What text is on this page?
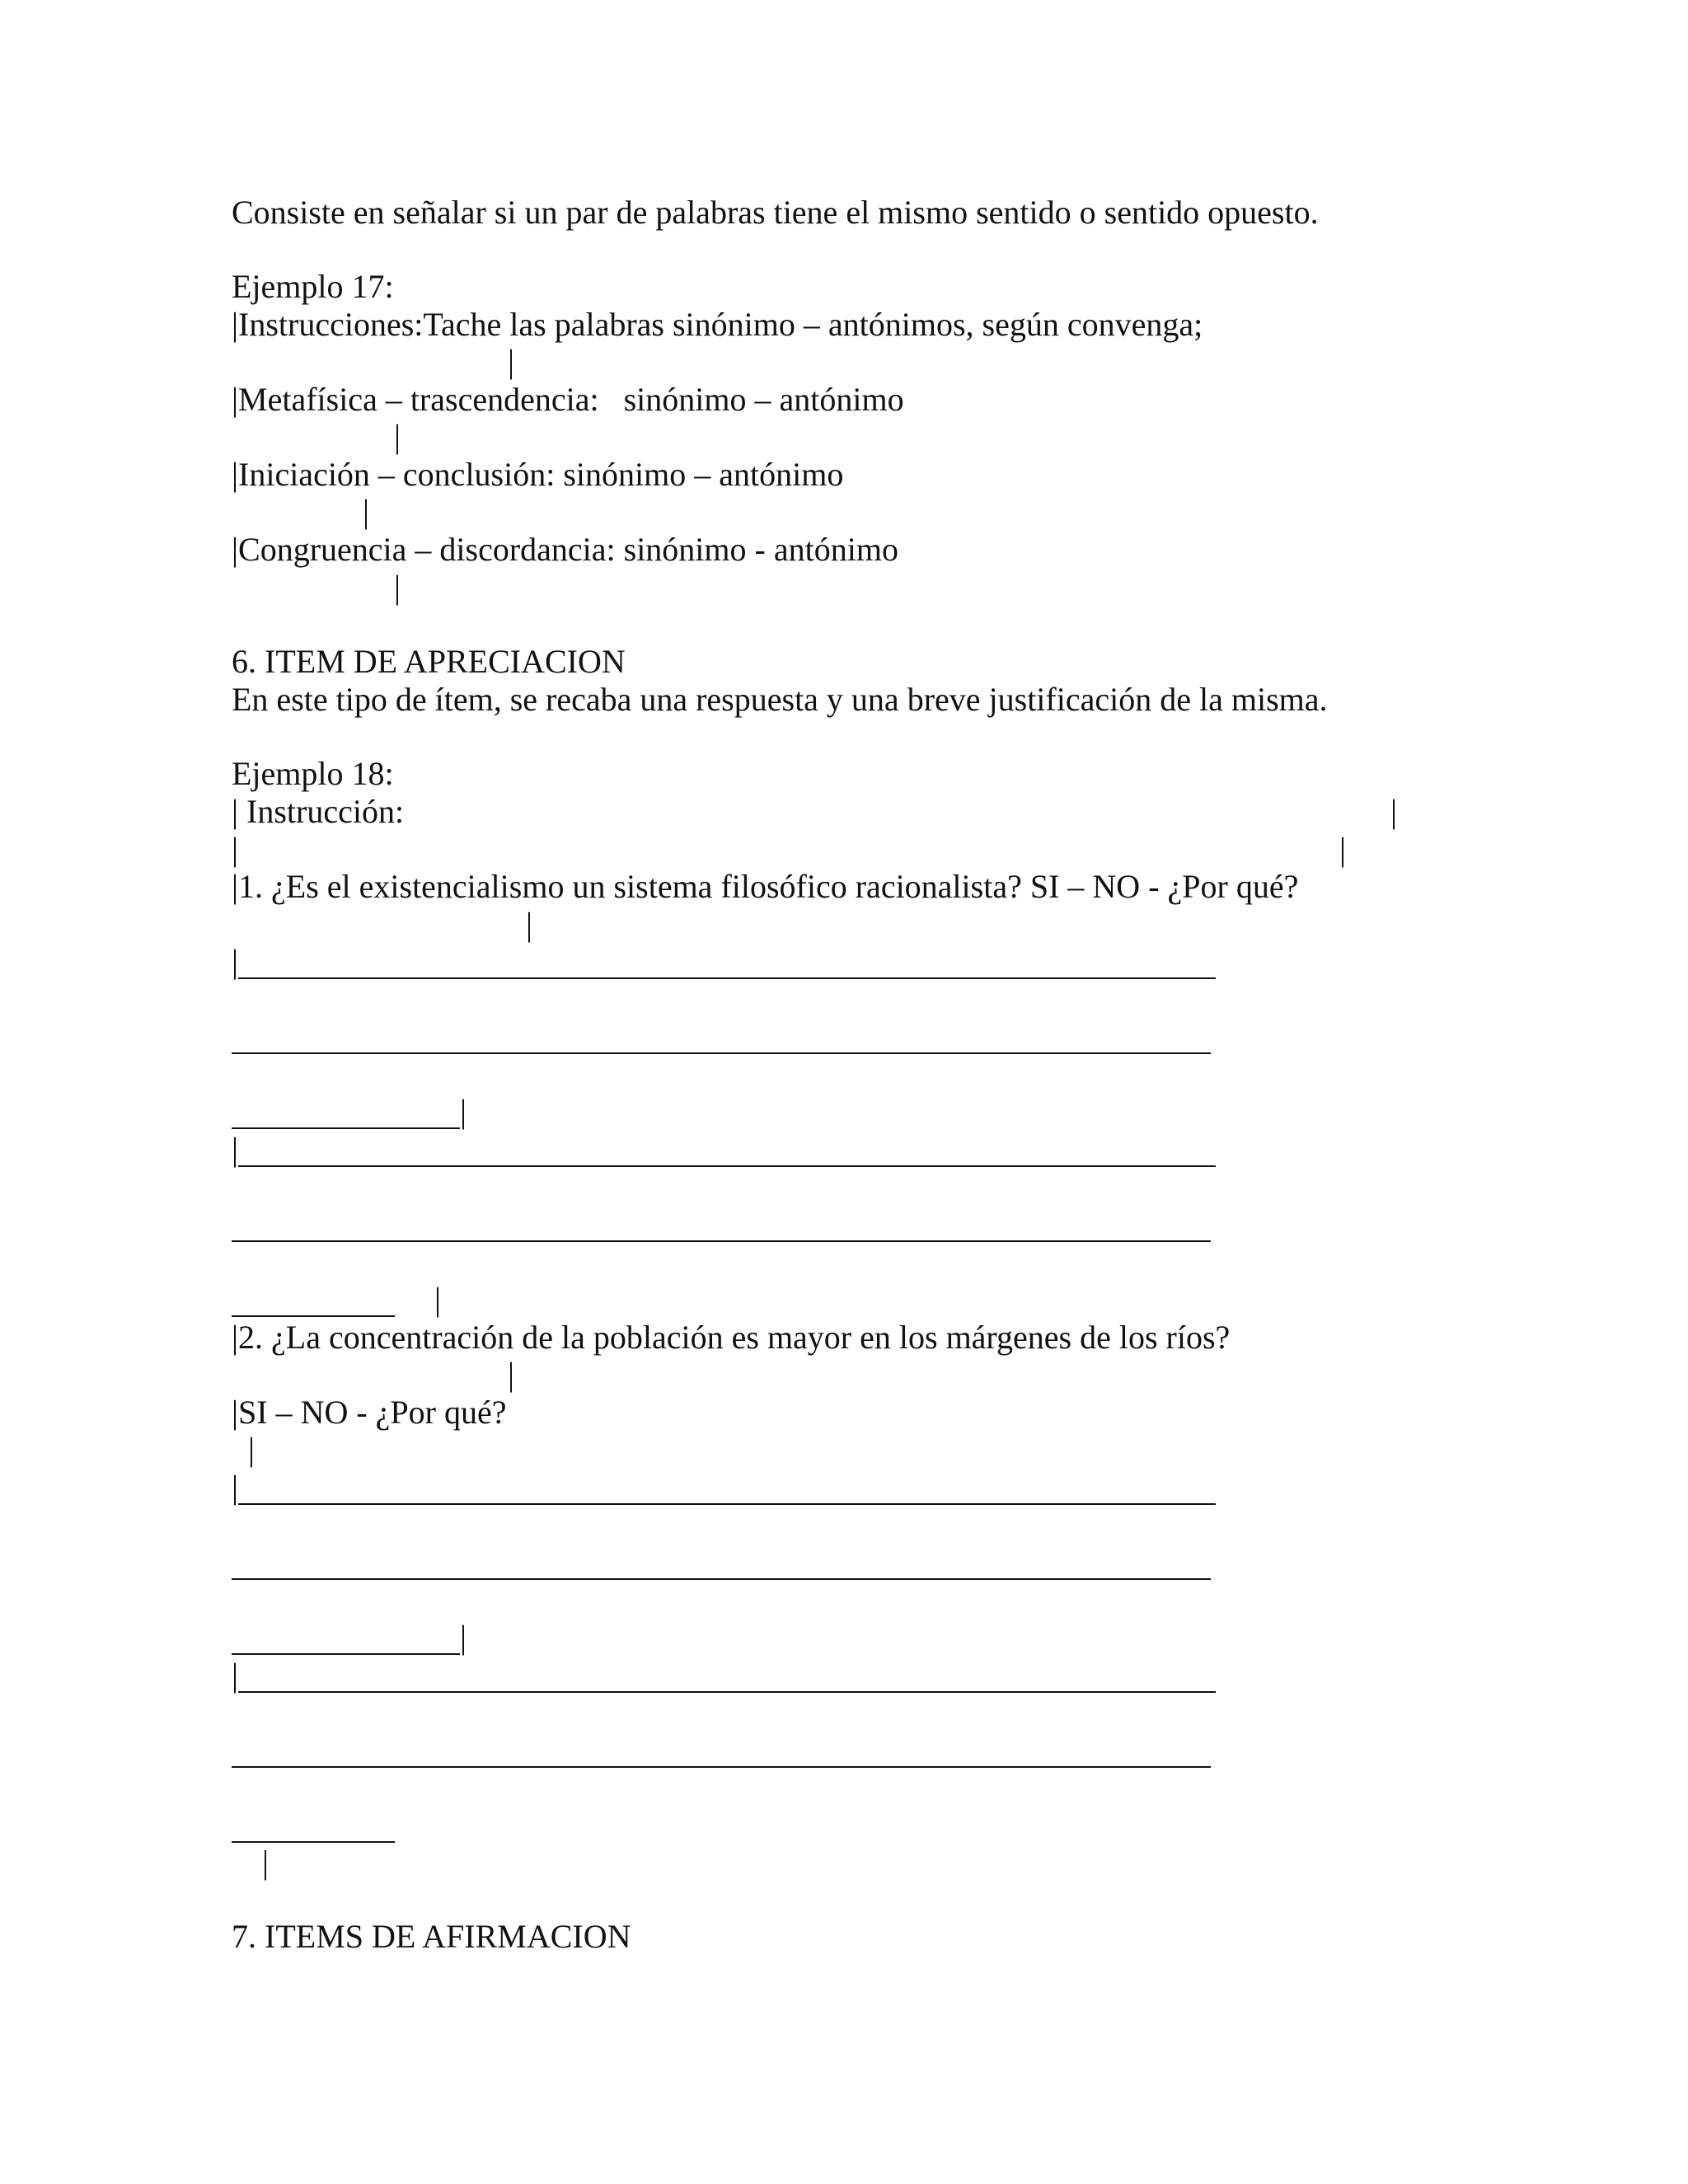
Consiste en señalar si un par de palabras tiene el mismo sentido o sentido opuesto.
Ejemplo 17:
|Instrucciones:Tache las palabras sinónimo – antónimos, según convenga;
|
|Metafísica – trascendencia:   sinónimo – antónimo
|
|Iniciación – conclusión: sinónimo – antónimo
|
|Congruencia – discordancia: sinónimo - antónimo
|
6. ITEM DE APRECIACION
En este tipo de ítem, se recaba una respuesta y una breve justificación de la misma.
Ejemplo 18:
| Instrucción:	|
|	|
|1. ¿Es el existencialismo un sistema filosófico racionalista? SI – NO - ¿Por qué?
|
|
|
|
|
|2. ¿La concentración de la población es mayor en los márgenes de los ríos?
|
|SI – NO - ¿Por qué?
|
|
|
|
|
7. ITEMS DE AFIRMACION
